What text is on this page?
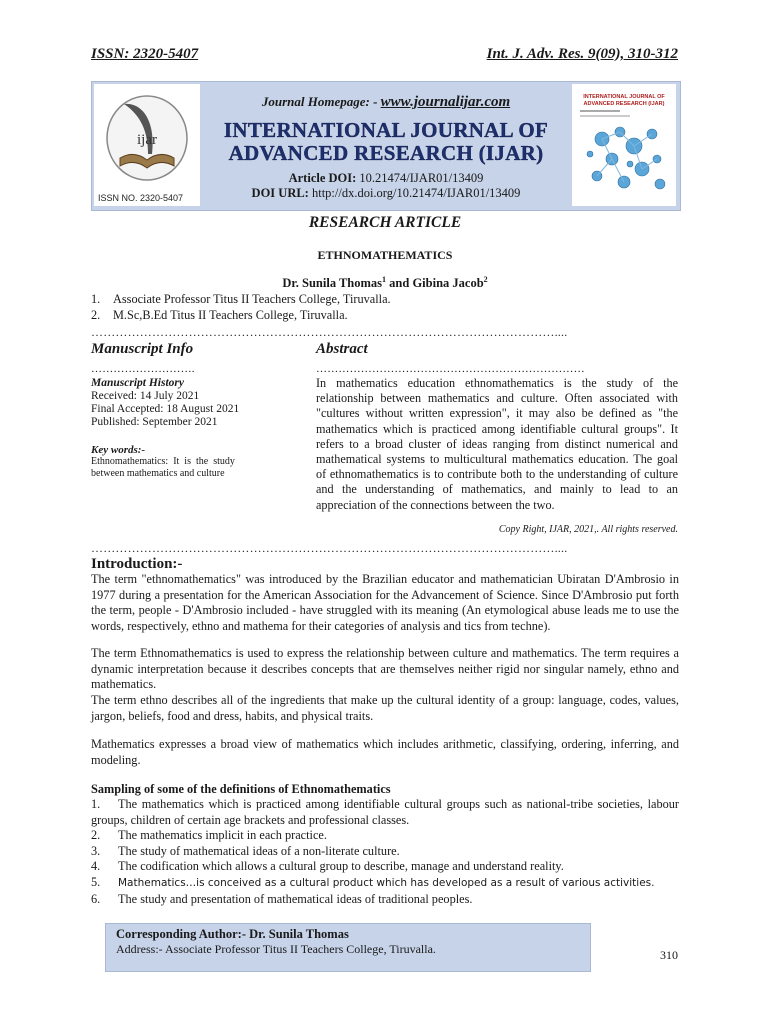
ISSN: 2320-5407	Int. J. Adv. Res. 9(09), 310-312
ijar
ISSN NO. 2320-5407
Journal Homepage: - www.journalijar.com
INTERNATIONAL JOURNAL OF
ADVANCED RESEARCH (IJAR)
Article DOI: 10.21474/IJAR01/13409
DOI URL: http://dx.doi.org/10.21474/IJAR01/13409
INTERNATIONAL JOURNAL OF
ADVANCED RESEARCH (IJAR)
RESEARCH ARTICLE
ETHNOMATHEMATICS
Dr. Sunila Thomas$^1$ and Gibina Jacob$^2$
1. Associate Professor Titus II Teachers College, Tiruvalla.
2. M.Sc,B.Ed Titus II Teachers College, Tiruvalla.
……………………………………………………………………………………………………....
Manuscript Info
……………………….
Manuscript History
Received: 14 July 2021
Final Accepted: 18 August 2021
Published: September 2021
Key words:-
Ethnomathematics:  It  is  the  study
between mathematics and culture
Abstract
………………………………………………………………
In mathematics education ethnomathematics is the study of the relationship between mathematics and culture. Often associated with "cultures without written expression", it may also be defined as "the mathematics which is practiced among identifiable cultural groups". It refers to a broad cluster of ideas ranging from distinct numerical and mathematical systems to multicultural mathematics education. The goal of ethnomathematics is to contribute both to the understanding of culture and the understanding of mathematics, and mainly to lead to an appreciation of the connections between the two.
Copy Right, IJAR, 2021,. All rights reserved.
……………………………………………………………………………………………………....
Introduction:-
The term "ethnomathematics" was introduced by the Brazilian educator and mathematician Ubiratan D'Ambrosio in 1977 during a presentation for the American Association for the Advancement of Science. Since D'Ambrosio put forth the term, people - D'Ambrosio included - have struggled with its meaning (An etymological abuse leads me to use the words, respectively, ethno and mathema for their categories of analysis and tics from techne).
The term Ethnomathematics is used to express the relationship between culture and mathematics. The term requires a dynamic interpretation because it describes concepts that are themselves neither rigid nor singular namely, ethno and mathematics.
The term ethno describes all of the ingredients that make up the cultural identity of a group: language, codes, values, jargon, beliefs, food and dress, habits, and physical traits.
Mathematics expresses a broad view of mathematics which includes arithmetic, classifying, ordering, inferring, and modeling.
Sampling of some of the definitions of Ethnomathematics
1. The mathematics which is practiced among identifiable cultural groups such as national-tribe societies, labour groups, children of certain age brackets and professional classes.
2. The mathematics implicit in each practice.
3. The study of mathematical ideas of a non-literate culture.
4. The codification which allows a cultural group to describe, manage and understand reality.
5. Mathematics…is conceived as a cultural product which has developed as a result of various activities.
6. The study and presentation of mathematical ideas of traditional peoples.
Corresponding Author:- Dr. Sunila Thomas
Address:- Associate Professor Titus II Teachers College, Tiruvalla.	310
